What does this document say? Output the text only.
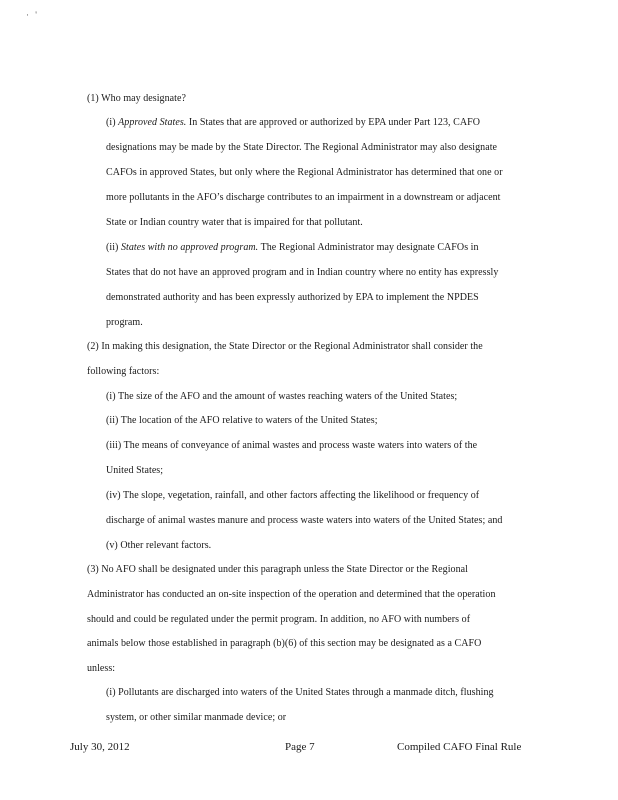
· '
(1) Who may designate?
(i) Approved States. In States that are approved or authorized by EPA under Part 123, CAFO
designations may be made by the State Director. The Regional Administrator may also designate
CAFOs in approved States, but only where the Regional Administrator has determined that one or
more pollutants in the AFO’s discharge contributes to an impairment in a downstream or adjacent
State or Indian country water that is impaired for that pollutant.
(ii) States with no approved program. The Regional Administrator may designate CAFOs in
States that do not have an approved program and in Indian country where no entity has expressly
demonstrated authority and has been expressly authorized by EPA to implement the NPDES
program.
(2) In making this designation, the State Director or the Regional Administrator shall consider the
following factors:
(i) The size of the AFO and the amount of wastes reaching waters of the United States;
(ii) The location of the AFO relative to waters of the United States;
(iii) The means of conveyance of animal wastes and process waste waters into waters of the
United States;
(iv) The slope, vegetation, rainfall, and other factors affecting the likelihood or frequency of
discharge of animal wastes manure and process waste waters into waters of the United States; and
(v) Other relevant factors.
(3) No AFO shall be designated under this paragraph unless the State Director or the Regional
Administrator has conducted an on-site inspection of the operation and determined that the operation
should and could be regulated under the permit program. In addition, no AFO with numbers of
animals below those established in paragraph (b)(6) of this section may be designated as a CAFO
unless:
(i) Pollutants are discharged into waters of the United States through a manmade ditch, flushing
system, or other similar manmade device; or
July 30, 2012	Page 7	Compiled CAFO Final Rule
